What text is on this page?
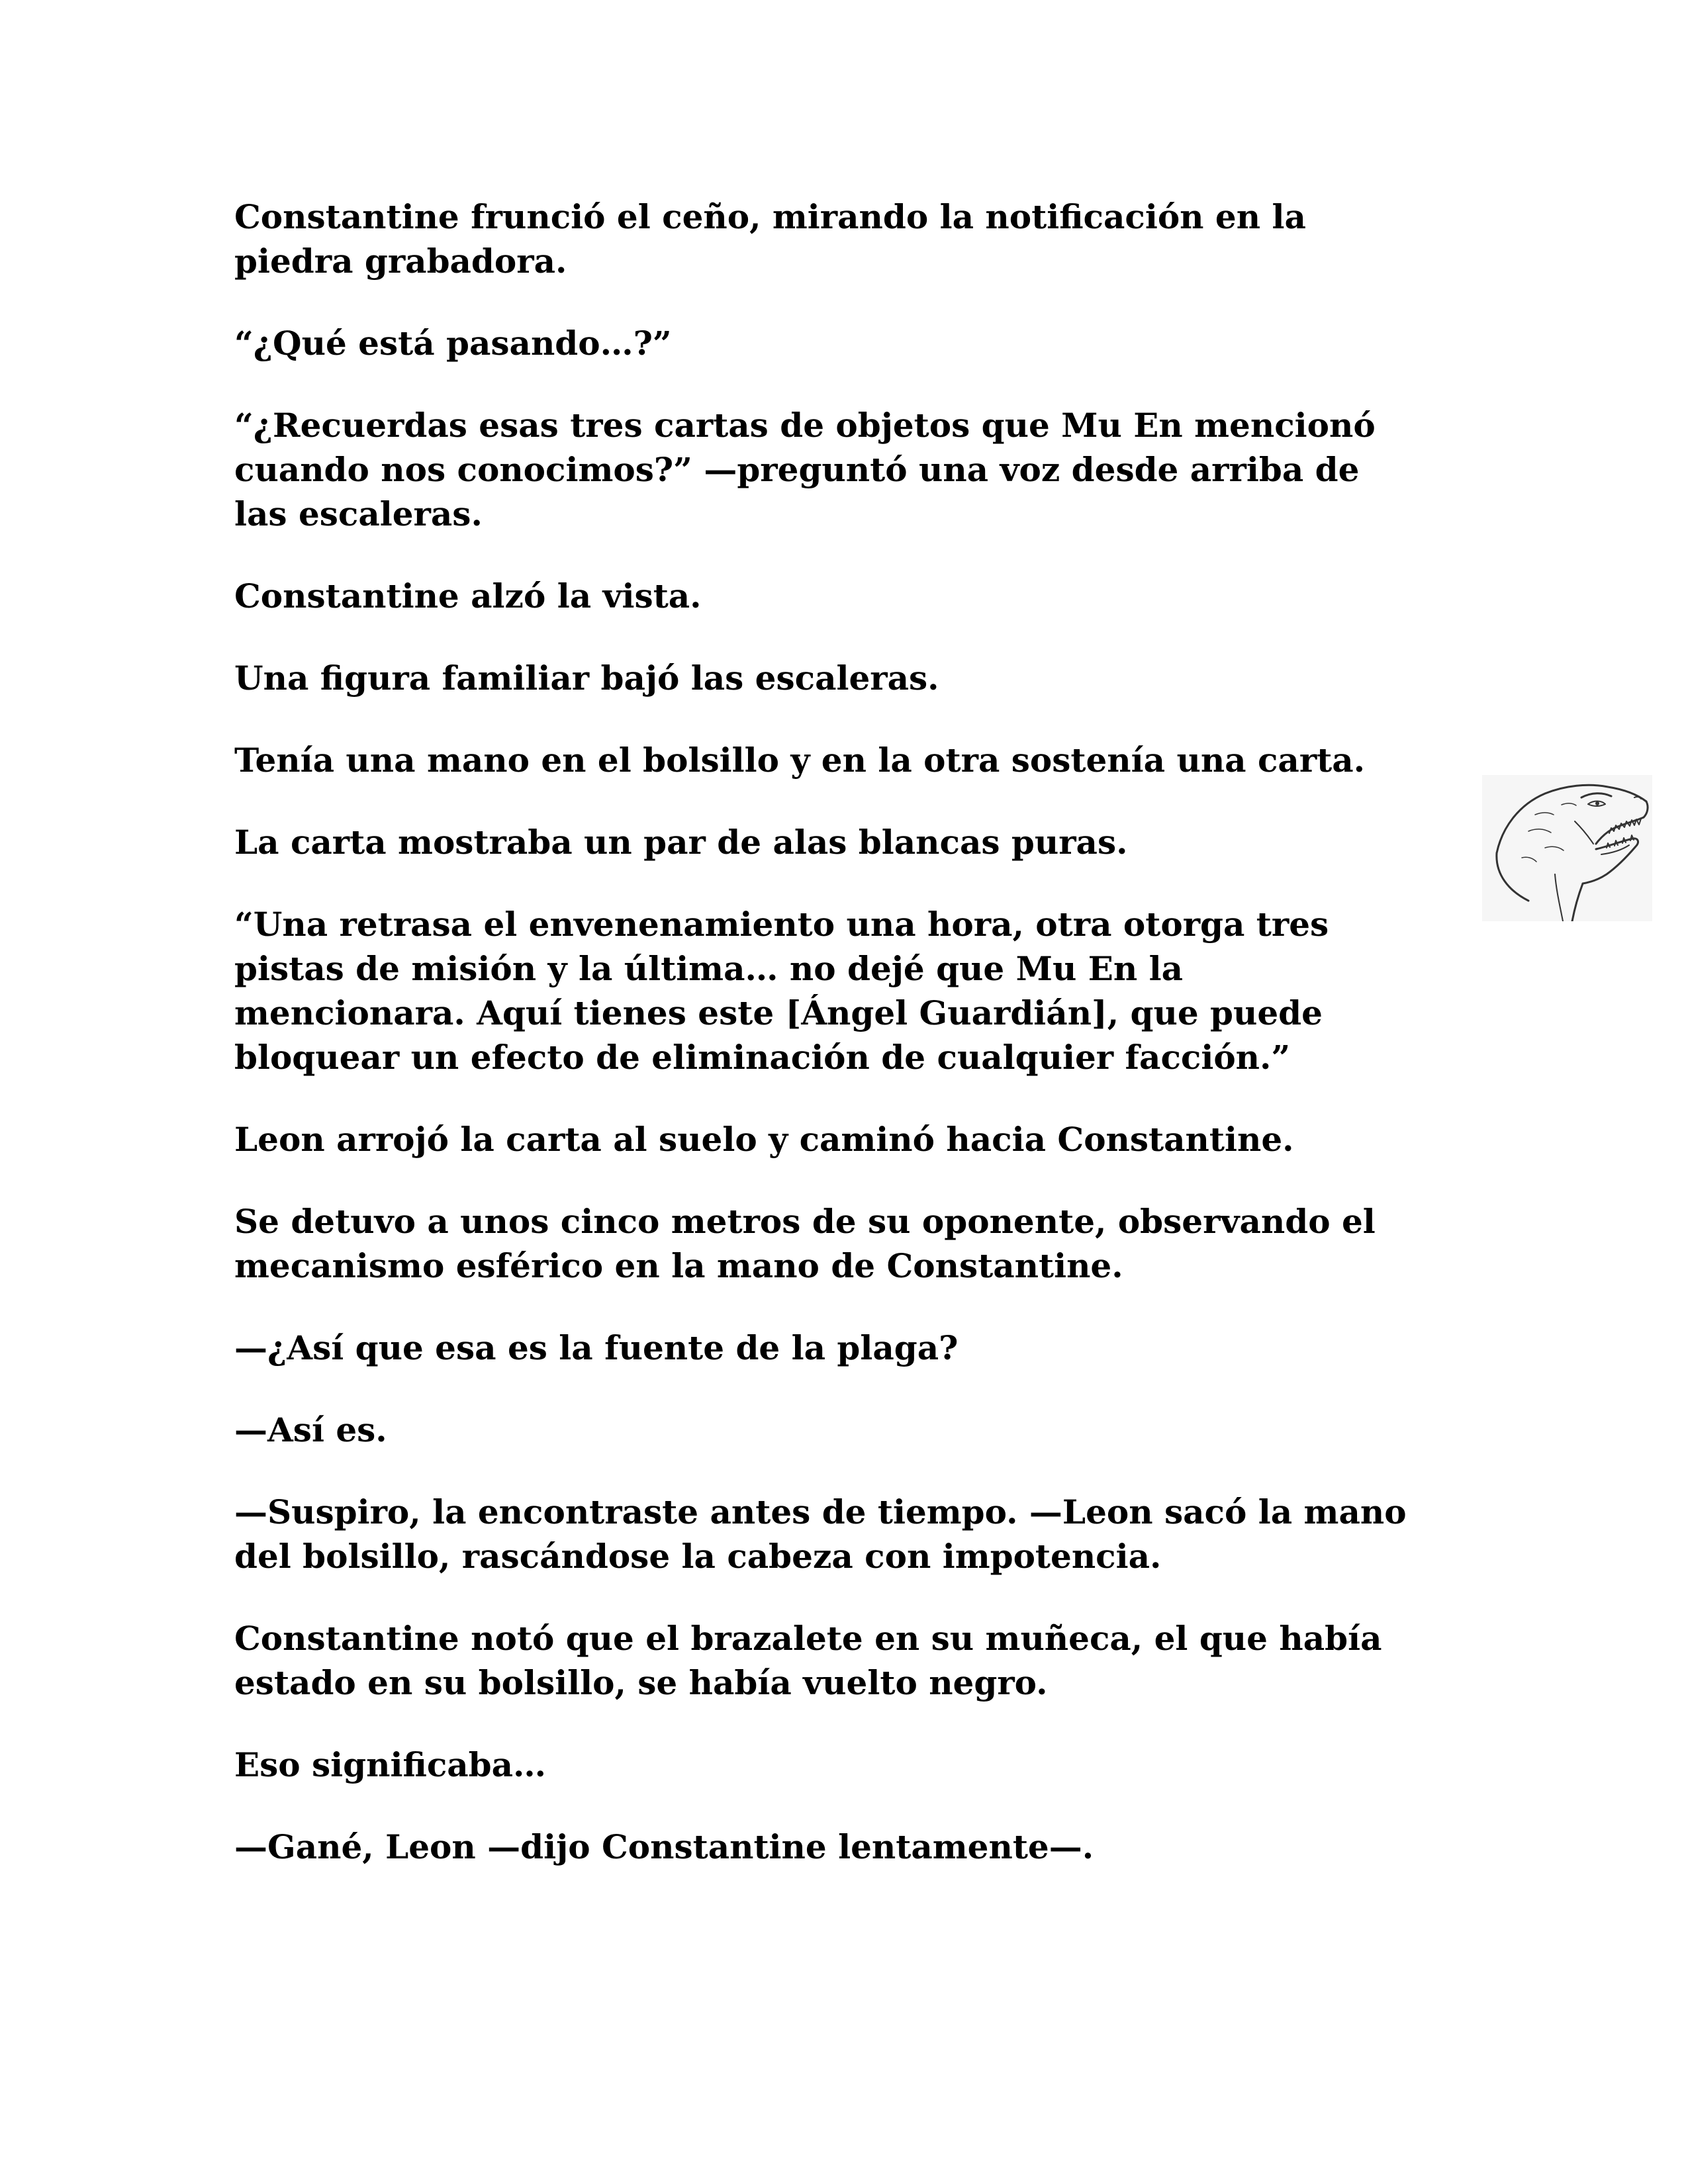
Constantine frunció el ceño, mirando la notificación en la
piedra grabadora.

“¿Qué está pasando…?”

“¿Recuerdas esas tres cartas de objetos que Mu En mencionó
cuando nos conocimos?” —preguntó una voz desde arriba de
las escaleras.

Constantine alzó la vista.

Una figura familiar bajó las escaleras.

Tenía una mano en el bolsillo y en la otra sostenía una carta.

La carta mostraba un par de alas blancas puras.

“Una retrasa el envenenamiento una hora, otra otorga tres
pistas de misión y la última… no dejé que Mu En la
mencionara. Aquí tienes este [Ángel Guardián], que puede
bloquear un efecto de eliminación de cualquier facción.”

Leon arrojó la carta al suelo y caminó hacia Constantine.

Se detuvo a unos cinco metros de su oponente, observando el
mecanismo esférico en la mano de Constantine.

—¿Así que esa es la fuente de la plaga?

—Así es.

—Suspiro, la encontraste antes de tiempo. —Leon sacó la mano
del bolsillo, rascándose la cabeza con impotencia.

Constantine notó que el brazalete en su muñeca, el que había
estado en su bolsillo, se había vuelto negro.

Eso significaba…

—Gané, Leon —dijo Constantine lentamente—.
